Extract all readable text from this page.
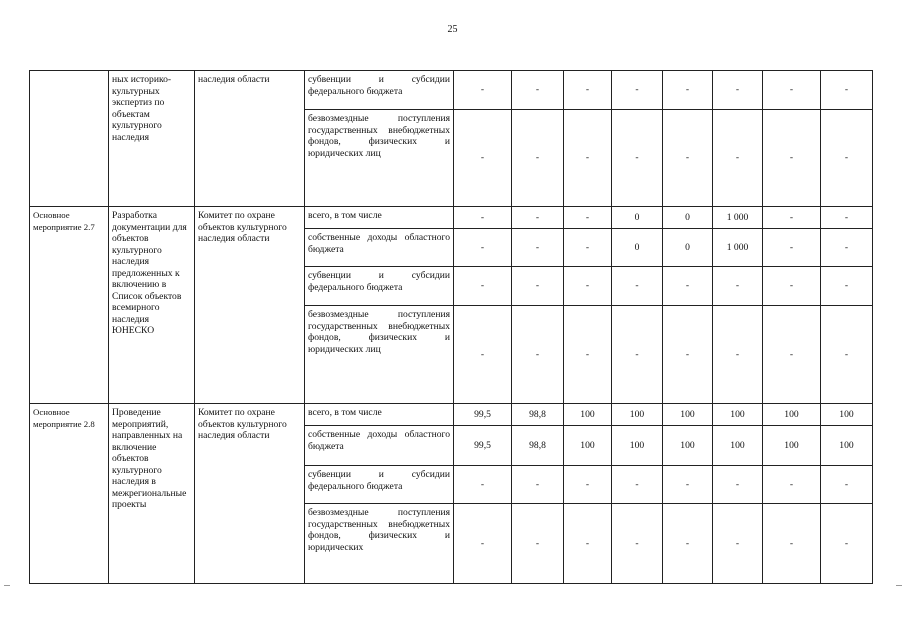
25
	ных историко-культурных экспертиз по объектам культурного наследия	наследия области	субвенции и субсидии федерального бюджета	-	-	-	-	-	-	-	-
			безвозмездные поступления государственных внебюджетных фондов, физических и юридических лиц	-	-	-	-	-	-	-	-
Основное мероприятие 2.7	Разработка документации для объектов культурного наследия предложенных к включению в Список объектов всемирного наследия ЮНЕСКО	Комитет по охране объектов культурного наследия области	всего, в том числе	-	-	-	0	0	1 000	-	-
			собственные доходы областного бюджета	-	-	-	0	0	1 000	-	-
			субвенции и субсидии федерального бюджета	-	-	-	-	-	-	-	-
			безвозмездные поступления государственных внебюджетных фондов, физических и юридических лиц	-	-	-	-	-	-	-	-
Основное мероприятие 2.8	Проведение мероприятий, направленных на включение объектов культурного наследия в межрегиональные проекты	Комитет по охране объектов культурного наследия области	всего, в том числе	99,5	98,8	100	100	100	100	100	100
			собственные доходы областного бюджета	99,5	98,8	100	100	100	100	100	100
			субвенции и субсидии федерального бюджета	-	-	-	-	-	-	-	-
			безвозмездные поступления государственных внебюджетных фондов, физических и юридических	-	-	-	-	-	-	-	-
